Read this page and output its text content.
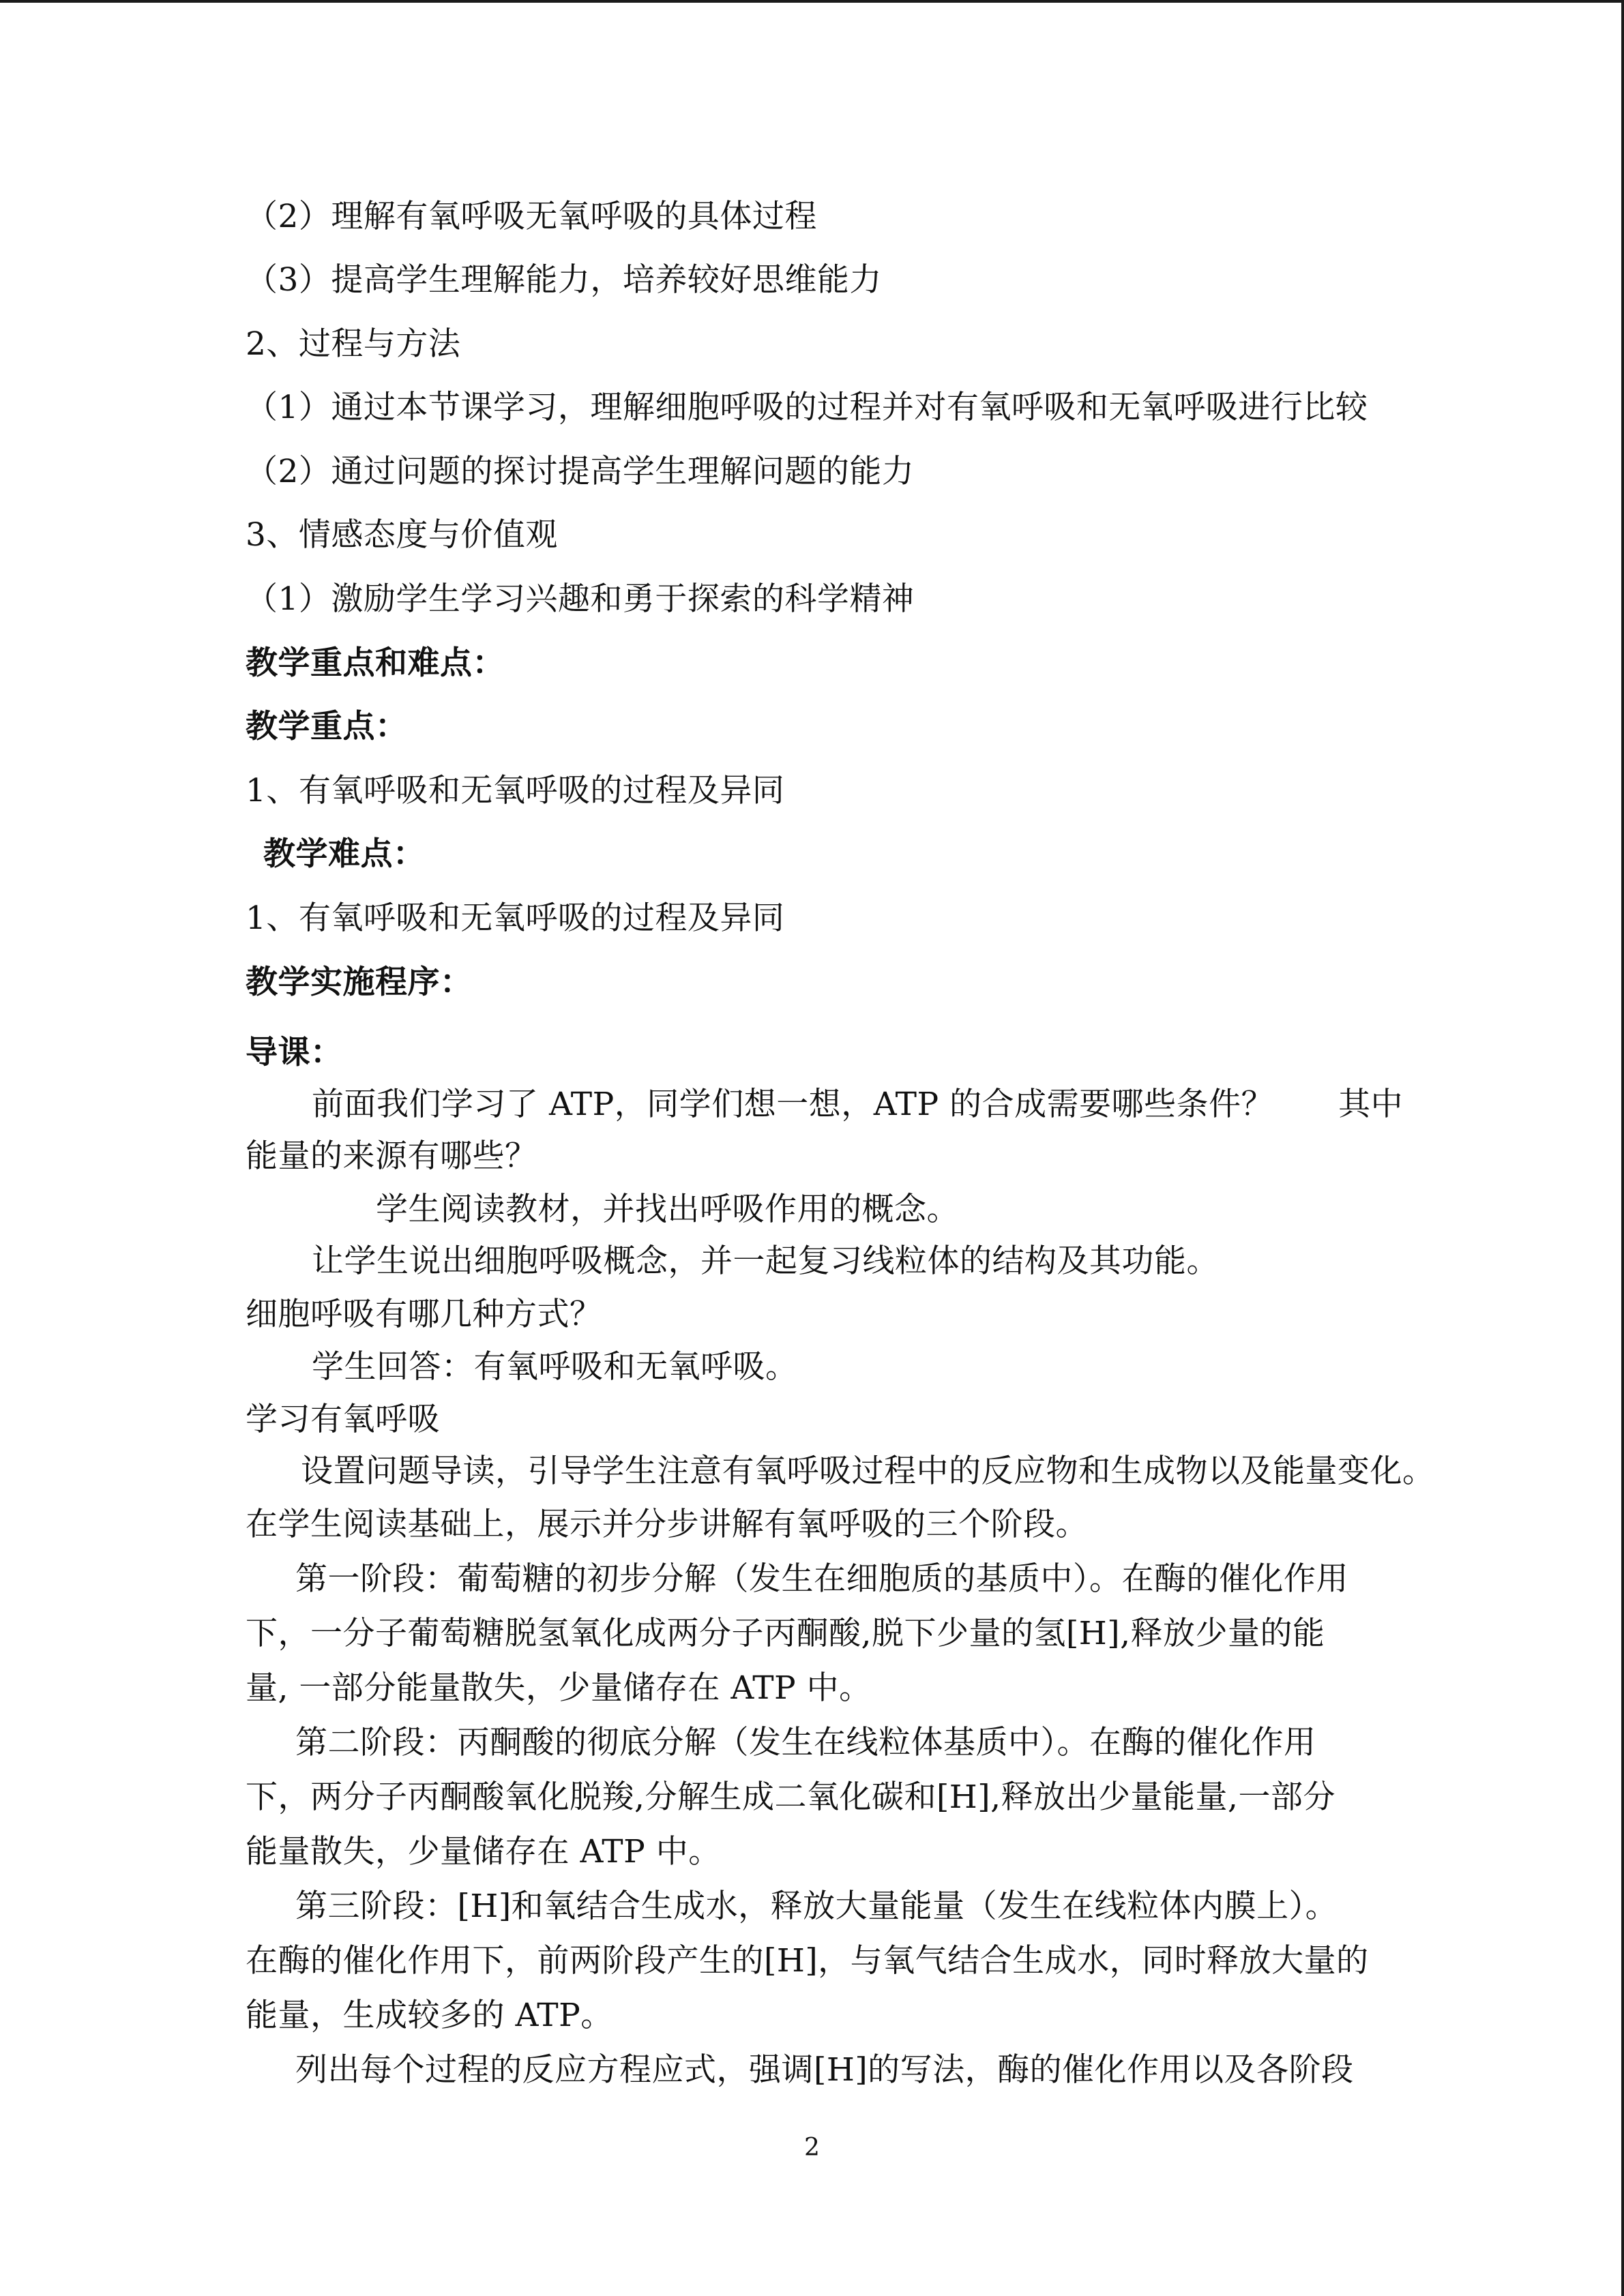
（2）理解有氧呼吸无氧呼吸的具体过程
（3）提高学生理解能力，培养较好思维能力
2、过程与方法
（1）通过本节课学习，理解细胞呼吸的过程并对有氧呼吸和无氧呼吸进行比较
（2）通过问题的探讨提高学生理解问题的能力
3、情感态度与价值观
（1）激励学生学习兴趣和勇于探索的科学精神
教学重点和难点：
教学重点：
1、有氧呼吸和无氧呼吸的过程及异同
教学难点：
1、有氧呼吸和无氧呼吸的过程及异同
教学实施程序：
导课：
前面我们学习了 ATP，同学们想一想，ATP 的合成需要哪些条件？　　其中
能量的来源有哪些？
学生阅读教材，并找出呼吸作用的概念。
让学生说出细胞呼吸概念，并一起复习线粒体的结构及其功能。
细胞呼吸有哪几种方式？
学生回答：有氧呼吸和无氧呼吸。
学习有氧呼吸
设置问题导读，引导学生注意有氧呼吸过程中的反应物和生成物以及能量变化。
在学生阅读基础上，展示并分步讲解有氧呼吸的三个阶段。
第一阶段：葡萄糖的初步分解（发生在细胞质的基质中）。在酶的催化作用
下，一分子葡萄糖脱氢氧化成两分子丙酮酸,脱下少量的氢[H],释放少量的能
量, 一部分能量散失，少量储存在 ATP 中。
第二阶段：丙酮酸的彻底分解（发生在线粒体基质中）。在酶的催化作用
下，两分子丙酮酸氧化脱羧,分解生成二氧化碳和[H],释放出少量能量,一部分
能量散失，少量储存在 ATP 中。
第三阶段：[H]和氧结合生成水，释放大量能量（发生在线粒体内膜上）。
在酶的催化作用下，前两阶段产生的[H]，与氧气结合生成水，同时释放大量的
能量，生成较多的 ATP。
列出每个过程的反应方程应式，强调[H]的写法，酶的催化作用以及各阶段
2
